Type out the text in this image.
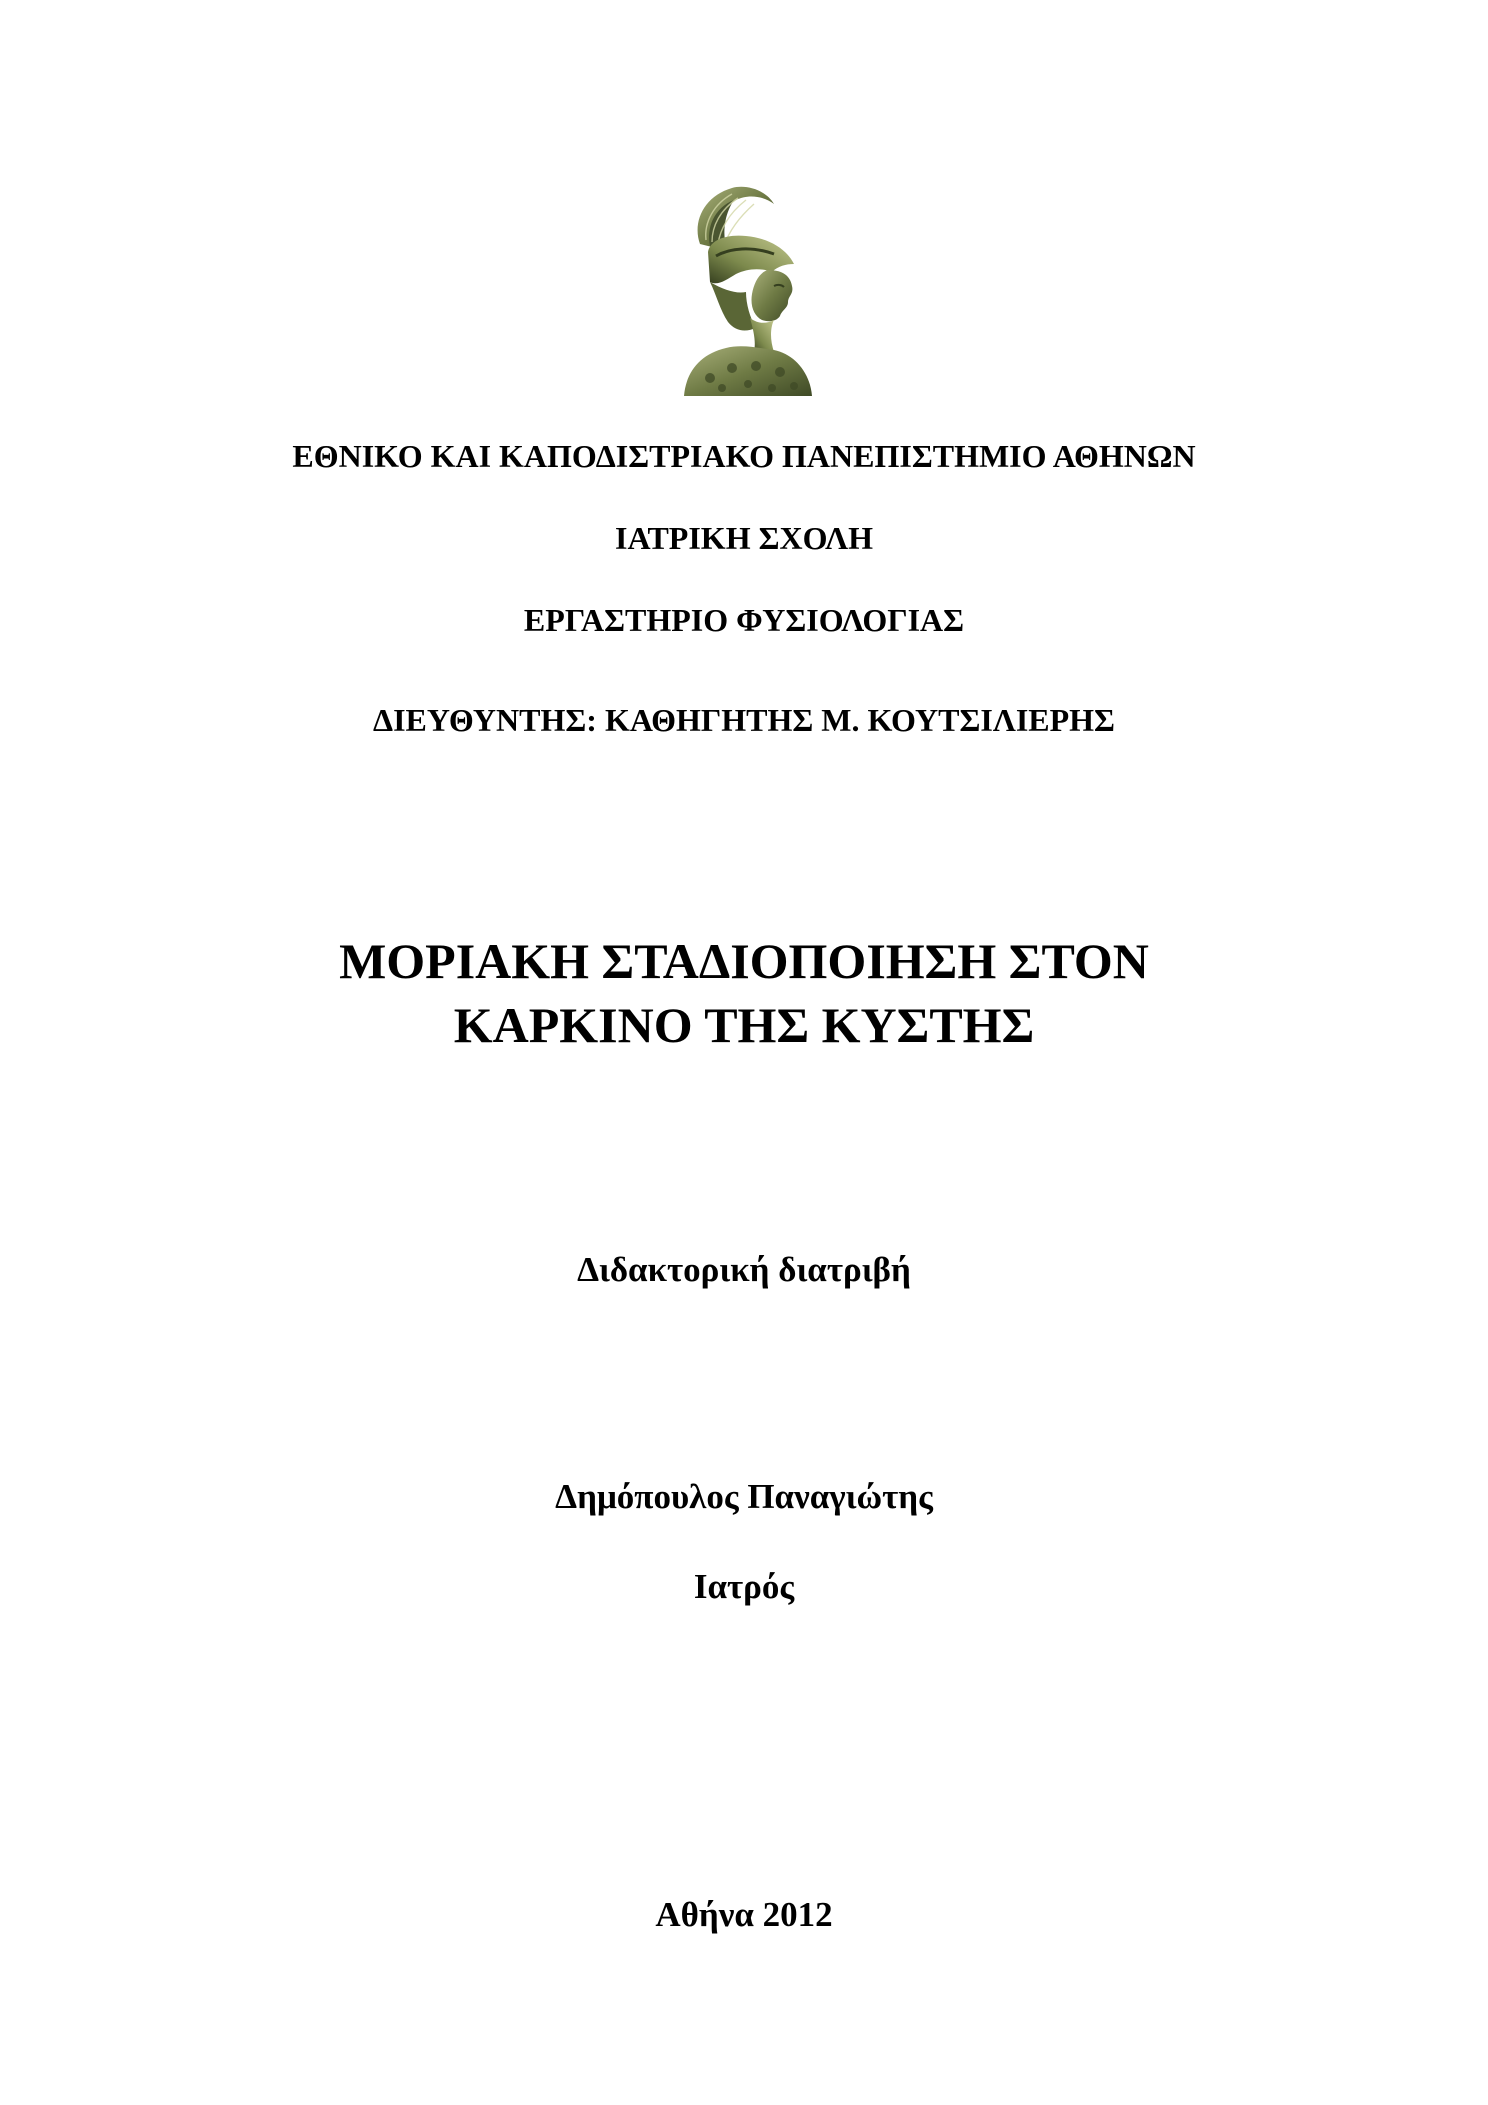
ΕΘΝΙΚΟ ΚΑΙ ΚΑΠΟΔΙΣΤΡΙΑΚΟ ΠΑΝΕΠΙΣΤΗΜΙΟ ΑΘΗΝΩΝ
ΙΑΤΡΙΚΗ ΣΧΟΛΗ
ΕΡΓΑΣΤΗΡΙΟ ΦΥΣΙΟΛΟΓΙΑΣ
ΔΙΕΥΘΥΝΤΗΣ: ΚΑΘΗΓΗΤΗΣ Μ. ΚΟΥΤΣΙΛΙΕΡΗΣ
ΜΟΡΙΑΚΗ ΣΤΑΔΙΟΠΟΙΗΣΗ ΣΤΟΝ
ΚΑΡΚΙΝΟ ΤΗΣ ΚΥΣΤΗΣ
Διδακτορική διατριβή
Δημόπουλος Παναγιώτης
Ιατρός
Αθήνα 2012
